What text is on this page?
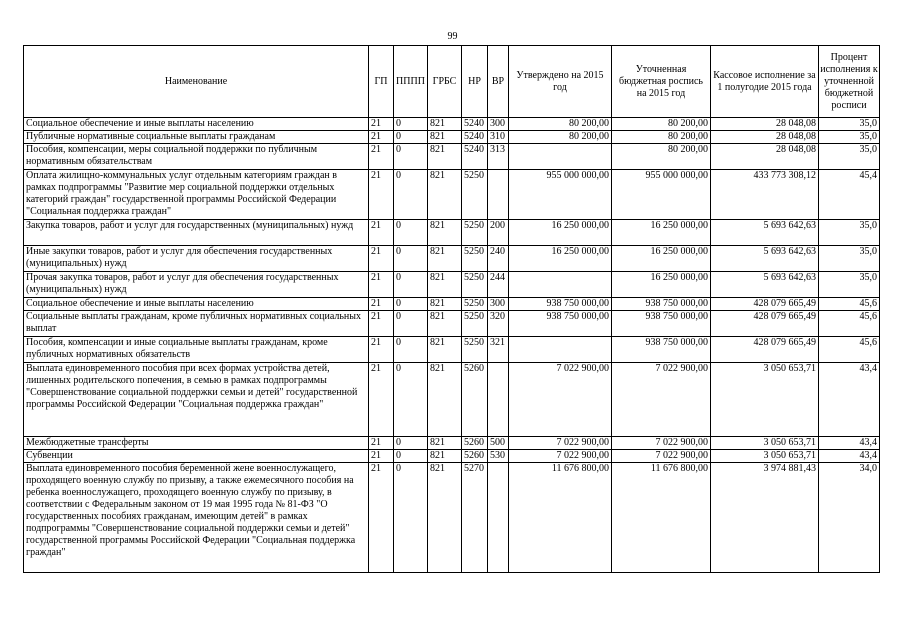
99
Наименование	ГП	ПППП	ГРБС	НР	ВР	Утверждено на 2015 год	Уточненная бюджетная роспись на 2015 год	Кассовое исполнение за 1 полугодие 2015 года	Процент исполнения к уточненной бюджетной росписи
Социальное обеспечение и иные выплаты населению	21	0	821	5240	300	80 200,00	80 200,00	28 048,08	35,0
Публичные нормативные социальные выплаты гражданам	21	0	821	5240	310	80 200,00	80 200,00	28 048,08	35,0
Пособия, компенсации, меры социальной поддержки по публичным нормативным обязательствам	21	0	821	5240	313		80 200,00	28 048,08	35,0
Оплата жилищно-коммунальных услуг отдельным категориям граждан в рамках подпрограммы "Развитие мер социальной поддержки отдельных категорий граждан" государственной программы Российской Федерации "Социальная поддержка граждан"	21	0	821	5250		955 000 000,00	955 000 000,00	433 773 308,12	45,4
Закупка товаров, работ и услуг для государственных (муниципальных) нужд	21	0	821	5250	200	16 250 000,00	16 250 000,00	5 693 642,63	35,0
Иные закупки товаров, работ и услуг для обеспечения государственных (муниципальных) нужд	21	0	821	5250	240	16 250 000,00	16 250 000,00	5 693 642,63	35,0
Прочая закупка товаров, работ и услуг для обеспечения государственных (муниципальных) нужд	21	0	821	5250	244		16 250 000,00	5 693 642,63	35,0
Социальное обеспечение и иные выплаты населению	21	0	821	5250	300	938 750 000,00	938 750 000,00	428 079 665,49	45,6
Социальные выплаты гражданам, кроме публичных нормативных социальных выплат	21	0	821	5250	320	938 750 000,00	938 750 000,00	428 079 665,49	45,6
Пособия, компенсации и иные социальные выплаты гражданам, кроме публичных нормативных обязательств	21	0	821	5250	321		938 750 000,00	428 079 665,49	45,6
Выплата единовременного пособия при всех формах устройства детей, лишенных родительского попечения, в семью в рамках подпрограммы "Совершенствование социальной поддержки семьи и детей" государственной программы Российской Федерации "Социальная поддержка граждан"	21	0	821	5260		7 022 900,00	7 022 900,00	3 050 653,71	43,4
Межбюджетные трансферты	21	0	821	5260	500	7 022 900,00	7 022 900,00	3 050 653,71	43,4
Субвенции	21	0	821	5260	530	7 022 900,00	7 022 900,00	3 050 653,71	43,4
Выплата единовременного пособия беременной жене военнослужащего, проходящего военную службу по призыву, а также ежемесячного пособия на ребенка военнослужащего, проходящего военную службу по призыву, в соответствии с Федеральным законом от 19 мая 1995 года № 81-ФЗ "О государственных пособиях гражданам, имеющим детей" в рамках подпрограммы "Совершенствование социальной поддержки семьи и детей" государственной программы Российской Федерации "Социальная поддержка граждан"	21	0	821	5270		11 676 800,00	11 676 800,00	3 974 881,43	34,0
